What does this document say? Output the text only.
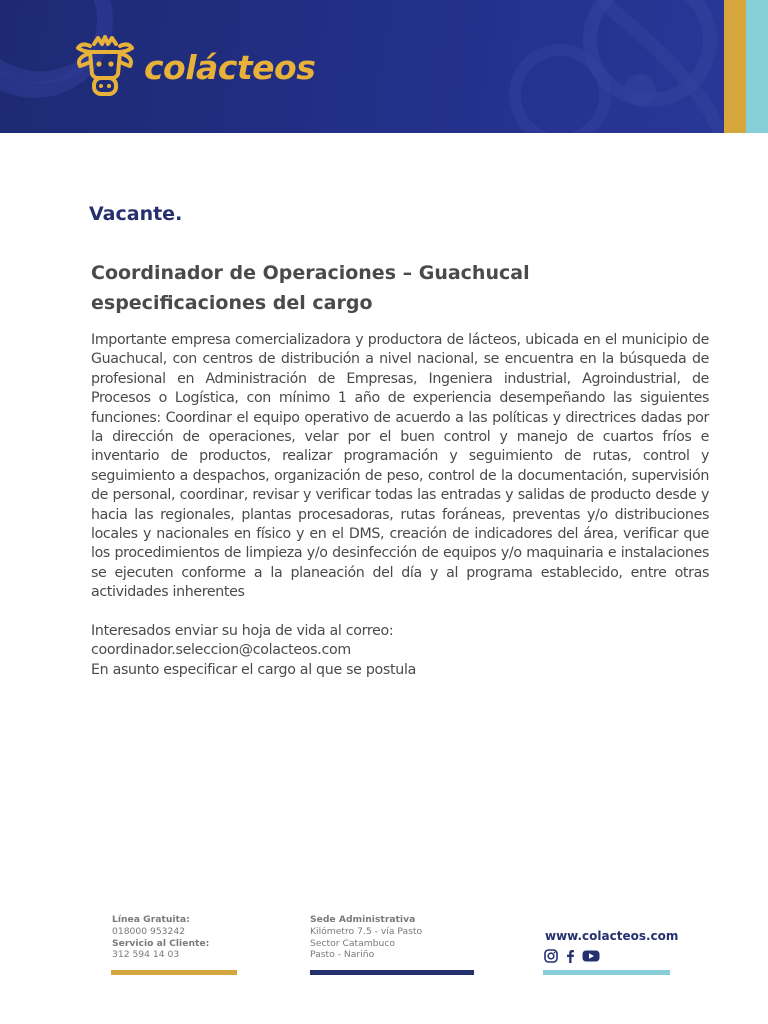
colácteos
Vacante.
Coordinador de Operaciones – Guachucal
especificaciones del cargo
Importante empresa comercializadora y productora de lácteos, ubicada en el municipio de Guachucal, con centros de distribución a nivel nacional, se encuentra en la búsqueda de profesional en Administración de Empresas, Ingeniera industrial, Agroindustrial, de Procesos o Logística, con mínimo 1 año de experiencia desempeñando las siguientes funciones: Coordinar el equipo operativo de acuerdo a las políticas y directrices dadas por la dirección de operaciones, velar por el buen control y manejo de cuartos fríos e inventario de productos, realizar programación y seguimiento de rutas, control y seguimiento a despachos, organización de peso, control de la documentación, supervisión de personal, coordinar, revisar y verificar todas las entradas y salidas de producto desde y hacia las regionales, plantas procesadoras, rutas foráneas, preventas y/o distribuciones locales y nacionales en físico y en el DMS, creación de indicadores del área, verificar que los procedimientos de limpieza y/o desinfección de equipos y/o maquinaria e instalaciones se ejecuten conforme a la planeación del día y al programa establecido, entre otras actividades inherentes
Interesados enviar su hoja de vida al correo:
coordinador.seleccion@colacteos.com
En asunto especificar el cargo al que se postula
Línea Gratuita:
018000 953242
Servicio al Cliente:
312 594 14 03
Sede Administrativa
Kilómetro 7.5 - vía Pasto
Sector Catambuco
Pasto - Nariño
www.colacteos.com
